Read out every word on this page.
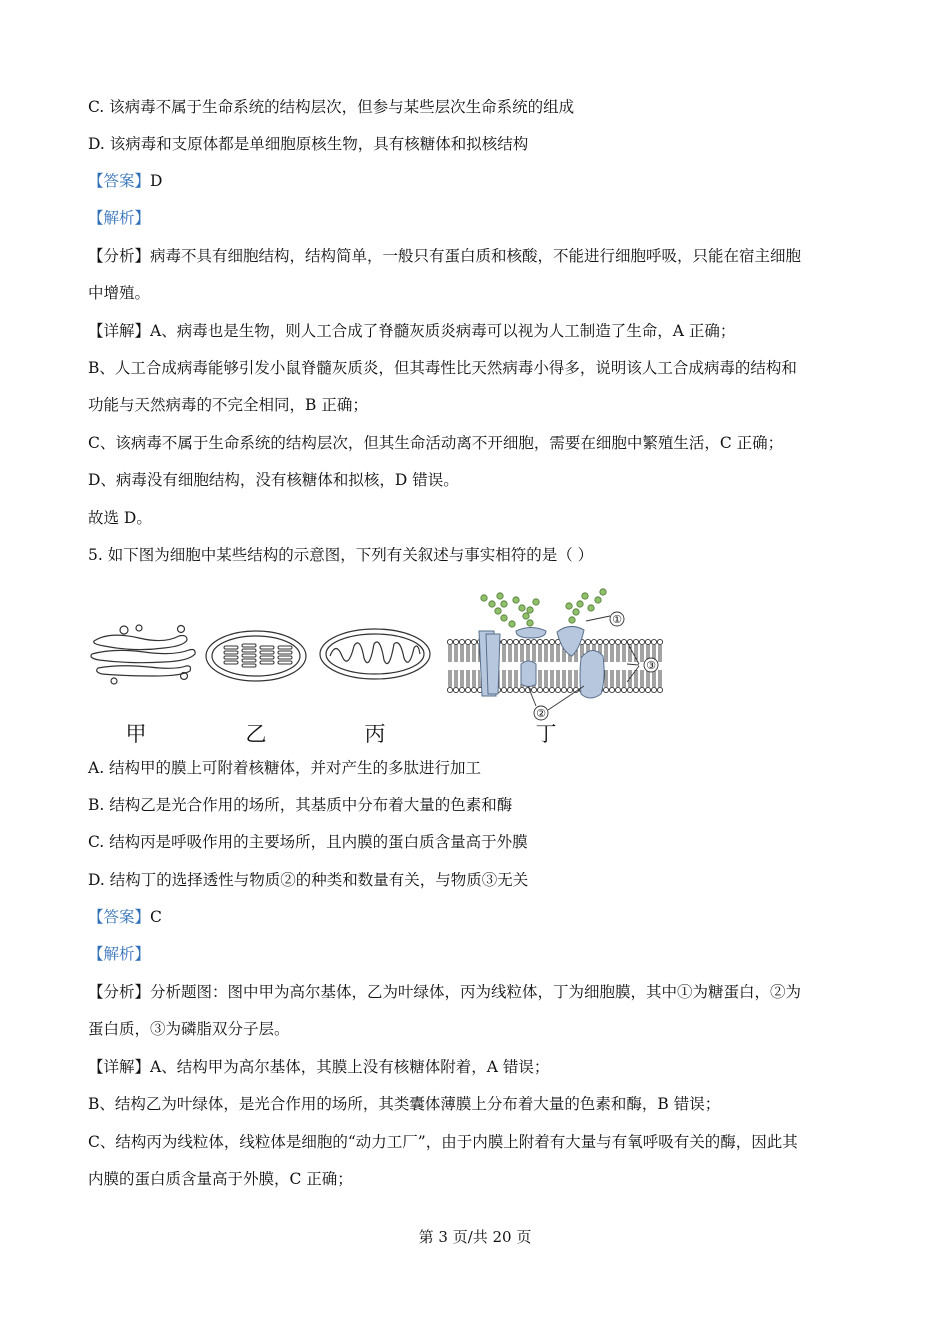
C. 该病毒不属于生命系统的结构层次，但参与某些层次生命系统的组成
D. 该病毒和支原体都是单细胞原核生物，具有核糖体和拟核结构
【答案】D
【解析】
【分析】病毒不具有细胞结构，结构简单，一般只有蛋白质和核酸，不能进行细胞呼吸，只能在宿主细胞
中增殖。
【详解】A、病毒也是生物，则人工合成了脊髓灰质炎病毒可以视为人工制造了生命，A 正确；
B、人工合成病毒能够引发小鼠脊髓灰质炎，但其毒性比天然病毒小得多，说明该人工合成病毒的结构和
功能与天然病毒的不完全相同，B 正确；
C、该病毒不属于生命系统的结构层次，但其生命活动离不开细胞，需要在细胞中繁殖生活，C 正确；
D、病毒没有细胞结构，没有核糖体和拟核，D 错误。
故选 D。
5. 如下图为细胞中某些结构的示意图，下列有关叙述与事实相符的是（ ）
①
③
②
甲	乙	丙	丁
A. 结构甲的膜上可附着核糖体，并对产生的多肽进行加工
B. 结构乙是光合作用的场所，其基质中分布着大量的色素和酶
C. 结构丙是呼吸作用的主要场所，且内膜的蛋白质含量高于外膜
D. 结构丁的选择透性与物质②的种类和数量有关，与物质③无关
【答案】C
【解析】
【分析】分析题图：图中甲为高尔基体，乙为叶绿体，丙为线粒体，丁为细胞膜，其中①为糖蛋白，②为
蛋白质，③为磷脂双分子层。
【详解】A、结构甲为高尔基体，其膜上没有核糖体附着，A 错误；
B、结构乙为叶绿体，是光合作用的场所，其类囊体薄膜上分布着大量的色素和酶，B 错误；
C、结构丙为线粒体，线粒体是细胞的“动力工厂”，由于内膜上附着有大量与有氧呼吸有关的酶，因此其
内膜的蛋白质含量高于外膜，C 正确；
第 3 页/共 20 页
